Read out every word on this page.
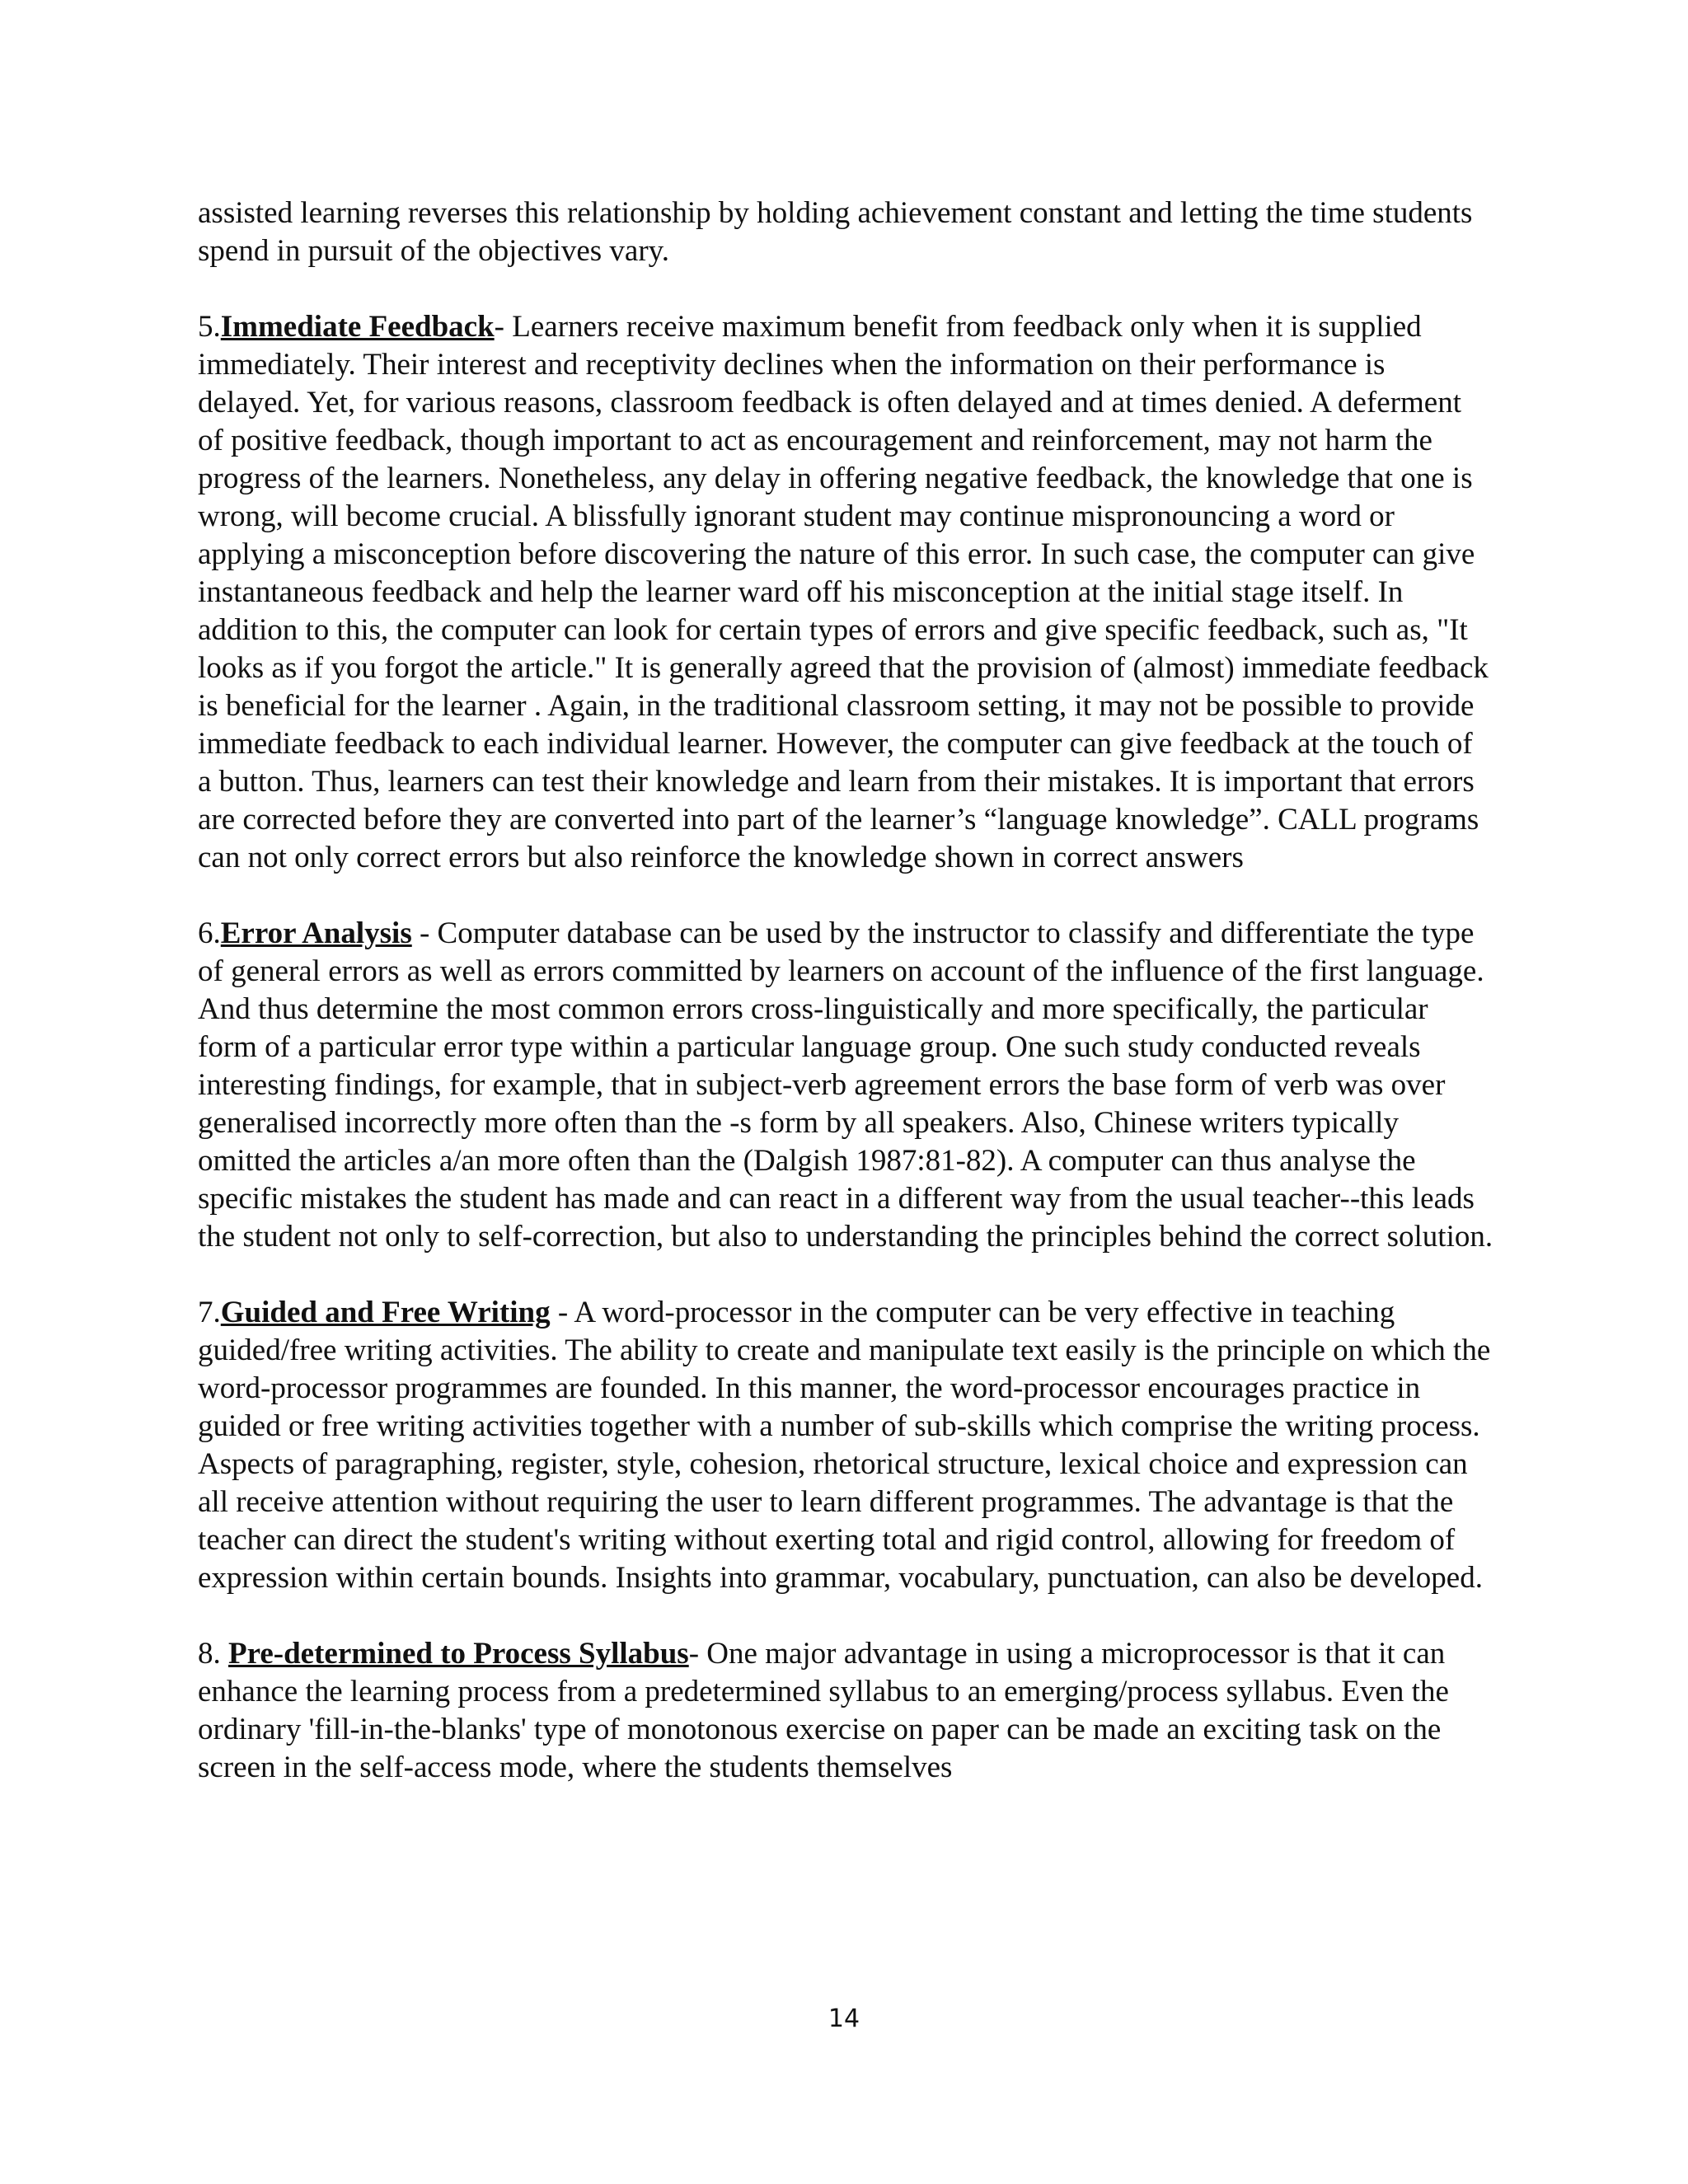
assisted learning reverses this relationship by holding achievement constant and letting the time students spend in pursuit of the objectives vary.

5.Immediate Feedback- Learners receive maximum benefit from feedback only when it is supplied immediately. Their interest and receptivity declines when the information on their performance is delayed. Yet, for various reasons, classroom feedback is often delayed and at times denied. A deferment of positive feedback, though important to act as encouragement and reinforcement, may not harm the progress of the learners. Nonetheless, any delay in offering negative feedback, the knowledge that one is wrong, will become crucial. A blissfully ignorant student may continue mispronouncing a word or applying a misconception before discovering the nature of this error. In such case, the computer can give instantaneous feedback and help the learner ward off his misconception at the initial stage itself. In addition to this, the computer can look for certain types of errors and give specific feedback, such as, "It looks as if you forgot the article." It is generally agreed that the provision of (almost) immediate feedback is beneficial for the learner . Again, in the traditional classroom setting, it may not be possible to provide immediate feedback to each individual learner. However, the computer can give feedback at the touch of a button. Thus, learners can test their knowledge and learn from their mistakes. It is important that errors are corrected before they are converted into part of the learner’s “language knowledge”. CALL programs can not only correct errors but also reinforce the knowledge shown in correct answers

6.Error Analysis - Computer database can be used by the instructor to classify and differentiate the type of general errors as well as errors committed by learners on account of the influence of the first language. And thus determine the most common errors cross-linguistically and more specifically, the particular form of a particular error type within a particular language group. One such study conducted reveals interesting findings, for example, that in subject-verb agreement errors the base form of verb was over generalised incorrectly more often than the -s form by all speakers. Also, Chinese writers typically omitted the articles a/an more often than the (Dalgish 1987:81-82). A computer can thus analyse the specific mistakes the student has made and can react in a different way from the usual teacher--this leads the student not only to self-correction, but also to understanding the principles behind the correct solution.

7.Guided and Free Writing - A word-processor in the computer can be very effective in teaching guided/free writing activities. The ability to create and manipulate text easily is the principle on which the word-processor programmes are founded. In this manner, the word-processor encourages practice in guided or free writing activities together with a number of sub-skills which comprise the writing process. Aspects of paragraphing, register, style, cohesion, rhetorical structure, lexical choice and expression can all receive attention without requiring the user to learn different programmes. The advantage is that the teacher can direct the student's writing without exerting total and rigid control, allowing for freedom of expression within certain bounds. Insights into grammar, vocabulary, punctuation, can also be developed.

8. Pre-determined to Process Syllabus- One major advantage in using a microprocessor is that it can enhance the learning process from a predetermined syllabus to an emerging/process syllabus. Even the ordinary 'fill-in-the-blanks' type of monotonous exercise on paper can be made an exciting task on the screen in the self-access mode, where the students themselves

14
